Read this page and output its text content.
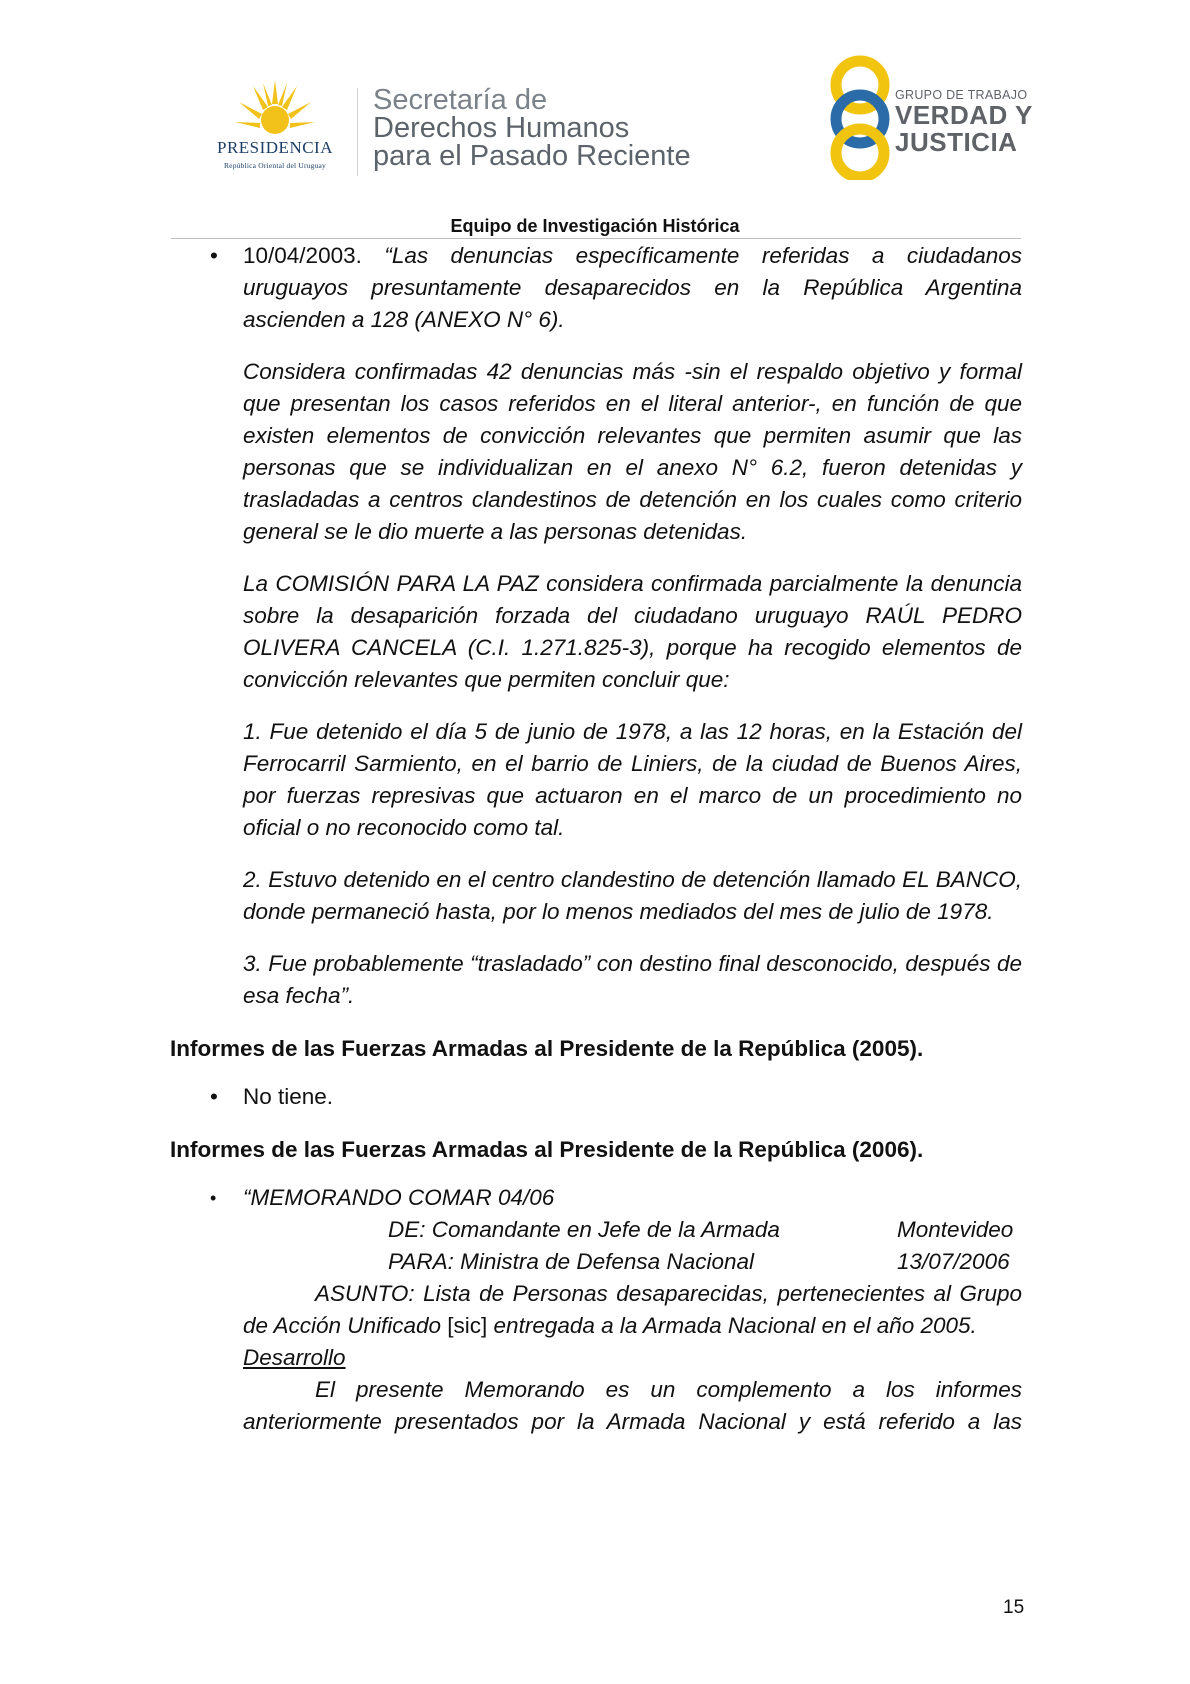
PRESIDENCIA
República Oriental del Uruguay
Secretaría de
Derechos Humanos
para el Pasado Reciente
GRUPO DE TRABAJO
VERDAD Y
JUSTICIA
Equipo de Investigación Histórica
•	10/04/2003. “Las denuncias específicamente referidas a ciudadanos uruguayos presuntamente desaparecidos en la República Argentina ascienden a 128 (ANEXO N° 6).

Considera confirmadas 42 denuncias más -sin el respaldo objetivo y formal que presentan los casos referidos en el literal anterior-, en función de que existen elementos de convicción relevantes que permiten asumir que las personas que se individualizan en el anexo N° 6.2, fueron detenidas y trasladadas a centros clandestinos de detención en los cuales como criterio general se le dio muerte a las personas detenidas.

La COMISIÓN PARA LA PAZ considera confirmada parcialmente la denuncia sobre la desaparición forzada del ciudadano uruguayo RAÚL PEDRO OLIVERA CANCELA (C.I. 1.271.825-3), porque ha recogido elementos de convicción relevantes que permiten concluir que:

1. Fue detenido el día 5 de junio de 1978, a las 12 horas, en la Estación del Ferrocarril Sarmiento, en el barrio de Liniers, de la ciudad de Buenos Aires, por fuerzas represivas que actuaron en el marco de un procedimiento no oficial o no reconocido como tal.

2. Estuvo detenido en el centro clandestino de detención llamado EL BANCO, donde permaneció hasta, por lo menos mediados del mes de julio de 1978.

3. Fue probablemente “trasladado” con destino final desconocido, después de esa fecha”.

Informes de las Fuerzas Armadas al Presidente de la República (2005).

•	No tiene.

Informes de las Fuerzas Armadas al Presidente de la República (2006).

•	“MEMORANDO COMAR 04/06
DE: Comandante en Jefe de la Armada	Montevideo
PARA: Ministra de Defensa Nacional	13/07/2006
ASUNTO: Lista de Personas desaparecidas, pertenecientes al Grupo de Acción Unificado [sic] entregada a la Armada Nacional en el año 2005.
Desarrollo
El presente Memorando es un complemento a los informes anteriormente presentados por la Armada Nacional y está referido a las
15
